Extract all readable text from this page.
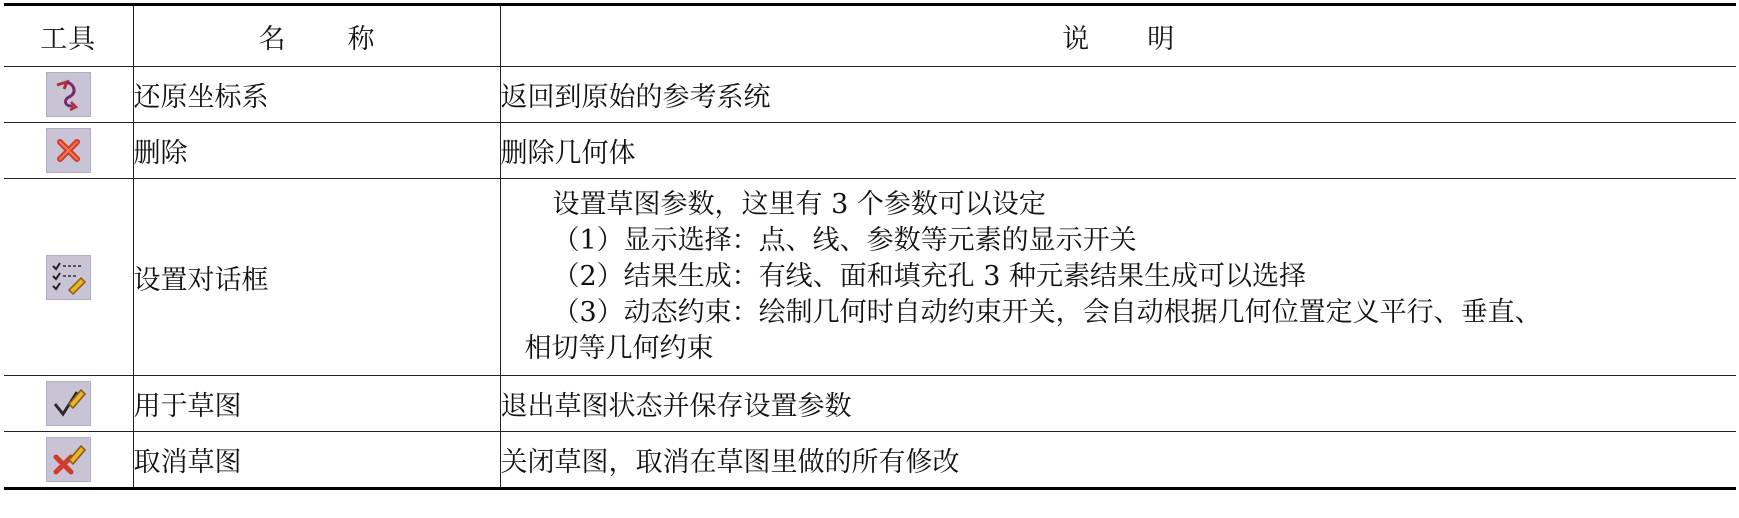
工具	名 称	说 明

	还原坐标系	返回到原始的参考系统

	删除	删除几何体

	设置对话框	设置草图参数，这里有 3 个参数可以设定
（1）显示选择：点、线、参数等元素的显示开关
（2）结果生成：有线、面和填充孔 3 种元素结果生成可以选择
（3）动态约束：绘制几何时自动约束开关，会自动根据几何位置定义平行、垂直、
相切等几何约束

	用于草图	退出草图状态并保存设置参数

	取消草图	关闭草图，取消在草图里做的所有修改
